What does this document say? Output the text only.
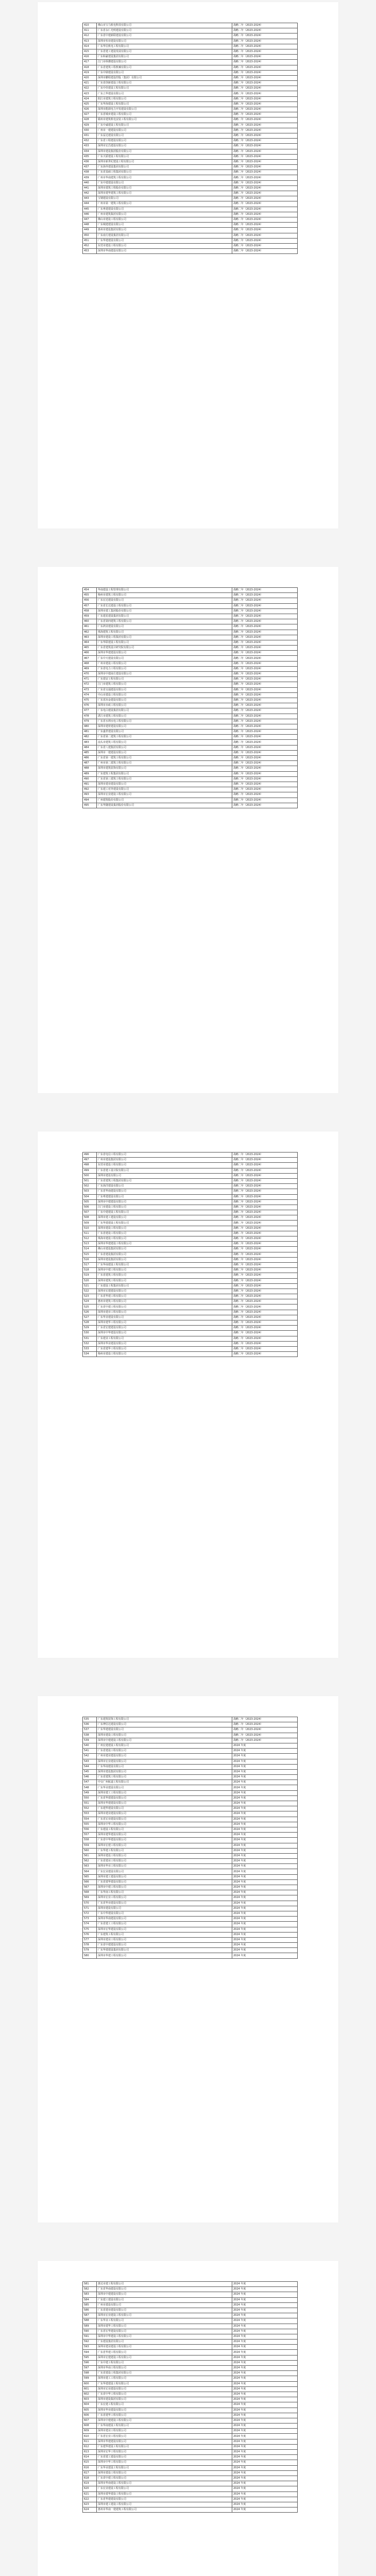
410	佛山市宝马机电科技有限公司	战略二年（2023-2024）
411	广东省永仁光明建设有限公司	战略二年（2023-2024）
412	广东省中建新联建设有限公司	战略二年（2023-2024）
413	深圳市恒业建设有限公司	战略二年（2023-2024）
414	广东华信机电工程有限公司	战略二年（2023-2024）
415	广东省建工建设发展有限公司	战略二年（2023-2024）
416	广东和豪建设集团有限公司	战略二年（2023-2024）
417	江门市纵横建设有限公司	战略二年（2023-2024）
418	广东省建筑工程机械有限公司	战略二年（2023-2024）
419	广东中鼎建设有限公司	战略二年（2023-2024）
420	深圳市鹏程建设控股（集团）有限公司	战略二年（2023-2024）
421	广东省创新建设工程有限公司	战略二年（2023-2024）
422	广东中佳建设工程有限公司	战略二年（2023-2024）
423	广东立华建设有限公司	战略二年（2023-2024）
424	阳江市建筑工程有限公司	战略二年（2023-2024）
425	广东华海建设工程有限公司	战略二年（2023-2024）
426	深圳市能源电力开发建设有限公司	战略二年（2023-2024）
427	广东省城乡建设工程有限公司	战略二年（2023-2024）
428	赣州市建筑机电安装工程有限公司	战略二年（2023-2024）
429	广东中诚建设工程有限公司	战略二年（2023-2024）
430	广州市一建建设有限公司	战略二年（2023-2024）
431	广东益达建设有限公司	战略二年（2023-2024）
432	广东省工程建设有限公司	战略二年（2023-2024）
433	深圳市宏昌建设有限公司	战略二年（2023-2024）
434	深圳市建设集团股份有限公司	战略二年（2023-2024）
435	广东天骄建设工程有限公司	战略二年（2023-2024）
436	深圳市新世纪建设工程有限公司	战略二年（2023-2024）
437	广东海外建设集团有限公司	战略二年（2023-2024）
438	广东省基础工程集团有限公司	战略二年（2023-2024）
439	广州市华南建筑工程有限公司	战略二年（2023-2024）
440	广东中建建设有限公司	战略二年（2023-2024）
441	深圳市建筑工程股份有限公司	战略二年（2023-2024）
442	深圳市建华建筑工程有限公司	战略二年（2023-2024）
443	宝钢建设有限公司	战略二年（2023-2024）
444	广州市第一建筑工程有限公司	战略二年（2023-2024）
445	广东粤建建设有限公司	战略二年（2023-2024）
446	广州市建筑集团有限公司	战略二年（2023-2024）
447	佛山市建设工程有限公司	战略二年（2023-2024）
448	广东城建建设有限公司	战略二年（2023-2024）
449	惠州市建设集团有限公司	战略二年（2023-2024）
450	广东南方建设集团有限公司	战略二年（2023-2024）
451	广东华建建设有限公司	战略二年（2023-2024）
452	东莞市建设工程有限公司	战略二年（2023-2024）
453	深圳市华南建设有限公司	战略二年（2023-2024）
454	华南建设工程管理有限公司	战略二年（2023-2024）
455	梅州市建筑工程有限公司	战略二年（2023-2024）
456	广东宏达建设有限公司	战略二年（2023-2024）
457	广东省长达建设工程有限公司	战略二年（2023-2024）
458	深圳市建工集团股份有限公司	战略二年（2023-2024）
459	广东建星建设集团有限公司	战略二年（2023-2024）
460	广东省第四建筑工程有限公司	战略二年（2023-2024）
461	广东鸿业建设有限公司	战略二年（2023-2024）
462	珠海建筑工程有限公司	战略二年（2023-2024）
463	深圳市建设工程集团有限公司	战略二年（2023-2024）
464	广东华联建设工程有限公司	战略二年（2023-2024）
465	广东省建筑设计研究院有限公司	战略二年（2023-2024）
466	深圳市华建建设有限公司	战略二年（2023-2024）
467	广东中天建设有限公司	战略二年（2023-2024）
468	广州市建设工程有限公司	战略二年（2023-2024）
469	广东省电力工程有限公司	战略二年（2023-2024）
470	深圳市中建南方建设有限公司	战略二年（2023-2024）
471	广东建安工程有限公司	战略二年（2023-2024）
472	江门市建筑工程有限公司	战略二年（2023-2024）
473	广东省交通建设有限公司	战略二年（2023-2024）
474	中山市建设工程有限公司	战略二年（2023-2024）
475	广东省冶金建设有限公司	战略二年（2023-2024）
476	深圳市市政工程有限公司	战略二年（2023-2024）
477	广东电白建设集团有限公司	战略二年（2023-2024）
478	湛江市建筑工程有限公司	战略二年（2023-2024）
479	广东省水利水电工程有限公司	战略二年（2023-2024）
480	深圳市建材建设有限公司	战略二年（2023-2024）
481	广东盛世建设有限公司	战略二年（2023-2024）
482	广东省第二建筑工程有限公司	战略二年（2023-2024）
483	汕头市建筑工程有限公司	战略二年（2023-2024）
484	广东省八建集团有限公司	战略二年（2023-2024）
485	深圳市一建建设有限公司	战略二年（2023-2024）
486	广东省第一建筑工程有限公司	战略二年（2023-2024）
487	广州市第二建筑工程有限公司	战略二年（2023-2024）
488	深圳市建筑装饰有限公司	战略二年（2023-2024）
489	广东建筑工程集团有限公司	战略二年（2023-2024）
490	广东省第三建筑工程有限公司	战略二年（2023-2024）
491	深圳市建业建设有限公司	战略二年（2023-2024）
492	广东建工对外建设有限公司	战略二年（2023-2024）
493	深圳市宏业建设工程有限公司	战略二年（2023-2024）
494	广州建筑股份有限公司	战略二年（2023-2024）
495	广东华隧建设集团股份有限公司	战略二年（2023-2024）
496	广东省电信工程有限公司	战略二年（2023-2024）
497	广州市建设集团有限公司	战略二年（2023-2024）
498	东莞市建设工程有限公司	战略二年（2023-2024）
499	广东省建工设计院有限公司	战略二年（2023-2024）
500	深圳市建设有限公司	战略二年（2023-2024）
501	广东省建筑工程集团有限公司	战略二年（2023-2024）
502	广东海洋建设有限公司	战略二年（2023-2024）
503	广东省华南建设有限公司	战略二年（2023-2024）
504	广东粤建建设有限公司	战略二年（2023-2024）
505	深圳市中建建设有限公司	战略二年（2023-2024）
506	江门市建设工程有限公司	战略二年（2023-2024）
507	广东中建建设工程有限公司	战略二年（2023-2024）
508	深圳市建工建设有限公司	战略二年（2023-2024）
509	广东华建建设工程有限公司	战略二年（2023-2024）
510	深圳市建设工程有限公司	战略二年（2023-2024）
511	广东省建设工程有限公司	战略二年（2023-2024）
512	珠海市建设工程有限公司	战略二年（2023-2024）
513	深圳市华建建设工程有限公司	战略二年（2023-2024）
514	佛山市建设集团有限公司	战略二年（2023-2024）
515	广东省建设集团有限公司	战略二年（2023-2024）
516	深圳市建设集团有限公司	战略二年（2023-2024）
517	广东华南建设工程有限公司	战略二年（2023-2024）
518	深圳市中建工程有限公司	战略二年（2023-2024）
519	广东省建筑工程有限公司	战略二年（2023-2024）
520	深圳市建筑工程有限公司	战略二年（2023-2024）
521	广东建设工程集团有限公司	战略二年（2023-2024）
522	深圳市宏建建设有限公司	战略二年（2023-2024）
523	广东省华建工程有限公司	战略二年（2023-2024）
524	惠州市建筑工程有限公司	战略二年（2023-2024）
525	广东省中建工程有限公司	战略二年（2023-2024）
526	深圳市建业工程有限公司	战略二年（2023-2024）
527	广东华业建设有限公司	战略二年（2023-2024）
528	深圳市建华工程有限公司	战略二年（2023-2024）
529	广东省宏建建设有限公司	战略二年（2023-2024）
530	深圳市中华建设有限公司	战略二年（2023-2024）
531	广东建业工程有限公司	战略二年（2023-2024）
532	深圳市华业建设有限公司	战略二年（2023-2024）
533	广东省建华工程有限公司	战略二年（2023-2024）
534	梅州市建设工程有限公司	战略二年（2023-2024）
535	广东建筑装饰工程有限公司	战略二年（2023-2024）
536	广东博信达建设有限公司	战略二年（2023-2024）
537	广东华建建设有限公司	战略二年（2023-2024）
538	深圳市建设工程有限公司	战略二年（2023-2024）
539	深圳市中建建设工程有限公司	战略二年（2023-2024）
540	广州宏建建设工程有限公司	2024 年度
541	广东省建设工程有限公司	2024 年度
542	广州市建业建设有限公司	2024 年度
543	深圳市宏业建设有限公司	2024 年度
544	广东华南建设有限公司	2024 年度
545	深圳市建设集团有限公司	2024 年度
546	广东省建筑工程有限公司	2024 年度
547	中交广州航道工程有限公司	2024 年度
548	广东华业建设有限公司	2024 年度
549	深圳市建工工程有限公司	2024 年度
550	广东省华建建设有限公司	2024 年度
551	深圳市华建建设有限公司	2024 年度
552	广东建华建设有限公司	2024 年度
553	深圳市建业建设有限公司	2024 年度
554	广东省宏业建设有限公司	2024 年度
555	深圳市中华工程有限公司	2024 年度
556	广东建设工程有限公司	2024 年度
557	深圳市建华建设有限公司	2024 年度
558	广东省中华建设有限公司	2024 年度
559	深圳市宏建工程有限公司	2024 年度
560	广东华建工程有限公司	2024 年度
561	深圳市建设工程有限公司	2024 年度
562	广东省建业工程有限公司	2024 年度
563	深圳市华业工程有限公司	2024 年度
564	广东宏业建设有限公司	2024 年度
565	深圳市建工建设有限公司	2024 年度
566	广东省建华建设有限公司	2024 年度
567	深圳市中建工程有限公司	2024 年度
568	广东华南工程有限公司	2024 年度
569	深圳市宏业工程有限公司	2024 年度
570	广东省华业建设有限公司	2024 年度
571	深圳市建设有限公司	2024 年度
572	广东中华建设有限公司	2024 年度
573	深圳市华南建设有限公司	2024 年度
574	广东省建工工程有限公司	2024 年度
575	深圳市宏华建设有限公司	2024 年度
576	广东建筑工程有限公司	2024 年度
577	深圳市建业工程有限公司	2024 年度
578	广东省中建建设有限公司	2024 年度
579	广东华建建设集团有限公司	2024 年度
580	深圳市华建工程有限公司	2024 年度
581	惠达市建工程有限公司	2024 年度
582	广东省华南建设有限公司	2024 年度
583	深圳市中建建设有限公司	2024 年度
584	广东建工建设有限公司	2024 年度
585	广州市建设有限公司	2024 年度
586	广东省建业建设有限公司	2024 年度
587	深圳市宏业建设工程有限公司	2024 年度
588	广东华业工程有限公司	2024 年度
589	深圳市建华工程有限公司	2024 年度
590	广东省宏华建设有限公司	2024 年度
591	深圳市中华建设工程有限公司	2024 年度
592	广东建设集团有限公司	2024 年度
593	深圳市建业建设工程有限公司	2024 年度
594	广东省华建工程有限公司	2024 年度
595	深圳市宏建建设工程有限公司	2024 年度
596	广东中建工程有限公司	2024 年度
597	深圳市华南工程有限公司	2024 年度
598	广东省建设工程集团有限公司	2024 年度
599	深圳市建工工程有限公司	2024 年度
600	广东华建建设工程有限公司	2024 年度
601	深圳市宏业建设有限公司	2024 年度
602	广东省中华工程有限公司	2024 年度
603	深圳市建设集团有限公司	2024 年度
604	广东宏建工程有限公司	2024 年度
605	深圳市华业建设有限公司	2024 年度
606	广东省建华工程有限公司	2024 年度
607	深圳市中建建设工程有限公司	2024 年度
608	广东华南建设工程有限公司	2024 年度
609	深圳市建业工程有限公司	2024 年度
610	广东省宏业工程有限公司	2024 年度
611	深圳市华建建设有限公司	2024 年度
612	广东建华建设工程有限公司	2024 年度
613	深圳市宏华工程有限公司	2024 年度
614	广东省建工建设有限公司	2024 年度
615	深圳市中华工程有限公司	2024 年度
616	广东华业建设工程有限公司	2024 年度
617	深圳市建设工程有限公司	2024 年度
618	广东省中建工程有限公司	2024 年度
619	深圳市华南建设工程有限公司	2024 年度
620	广东宏业建设工程有限公司	2024 年度
621	深圳市建华建设工程有限公司	2024 年度
622	广东省华建建设有限公司	2024 年度
623	深圳市建工建设工程有限公司	2024 年度
624	惠州市华南一建建筑工程有限公司	2024 年度
